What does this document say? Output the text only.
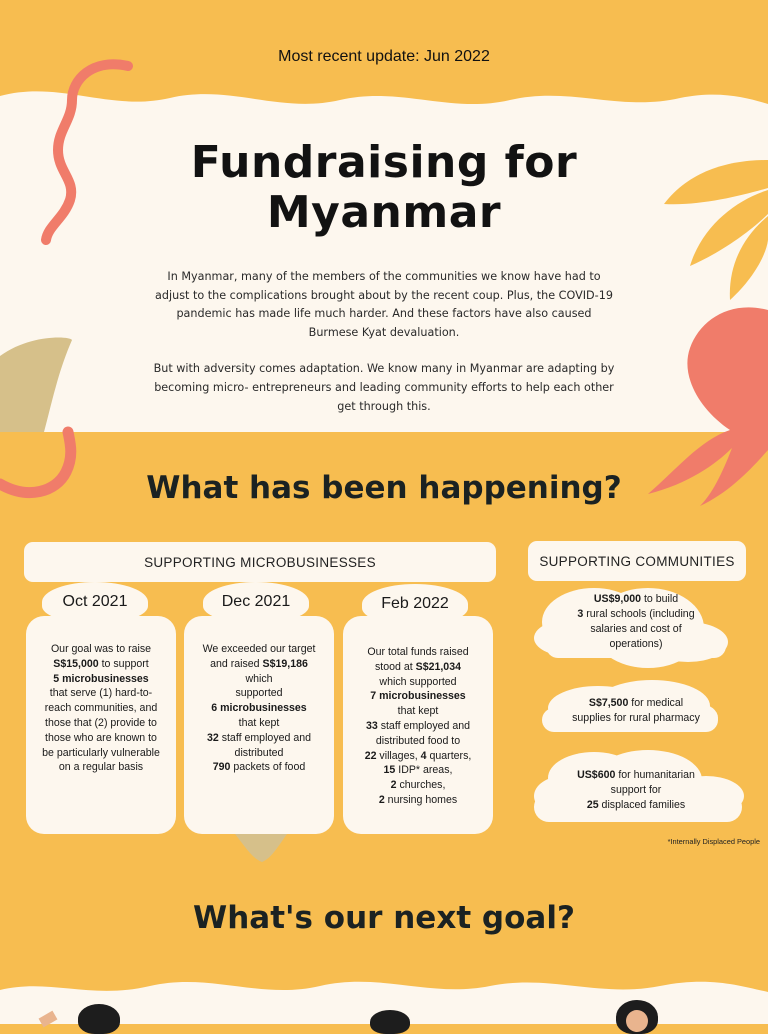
Most recent update: Jun 2022
Fundraising for
Myanmar

In Myanmar, many of the members of the communities we know have had to adjust to the complications brought about by the recent coup. Plus, the COVID-19 pandemic has made life much harder. And these factors have also caused Burmese Kyat devaluation.

But with adversity comes adaptation. We know many in Myanmar are adapting by becoming micro- entrepreneurs and leading community efforts to help each other get through this.

What has been happening?
SUPPORTING MICROBUSINESSES	SUPPORTING COMMUNITIES
Our goal was to raise
S$15,000 to support
5 microbusinesses
that serve (1) hard-to-
reach communities, and
those that (2) provide to
those who are known to
be particularly vulnerable
on a regular basis
We exceeded our target
and raised S$19,186
which
supported
6 microbusinesses
that kept
32 staff employed and
distributed
790 packets of food
Our total funds raised
stood at S$21,034
which supported
7 microbusinesses
that kept
33 staff employed and
distributed food to
22 villages, 4 quarters,
15 IDP* areas,
2 churches,
2 nursing homes
Oct 2021	Dec 2021	Feb 2022	US$9,000 to build
3 rural schools (including
salaries and cost of
operations)
S$7,500 for medical
supplies for rural pharmacy
US$600 for humanitarian
support for
25 displaced families
*Internally Displaced People
What's our next goal?
